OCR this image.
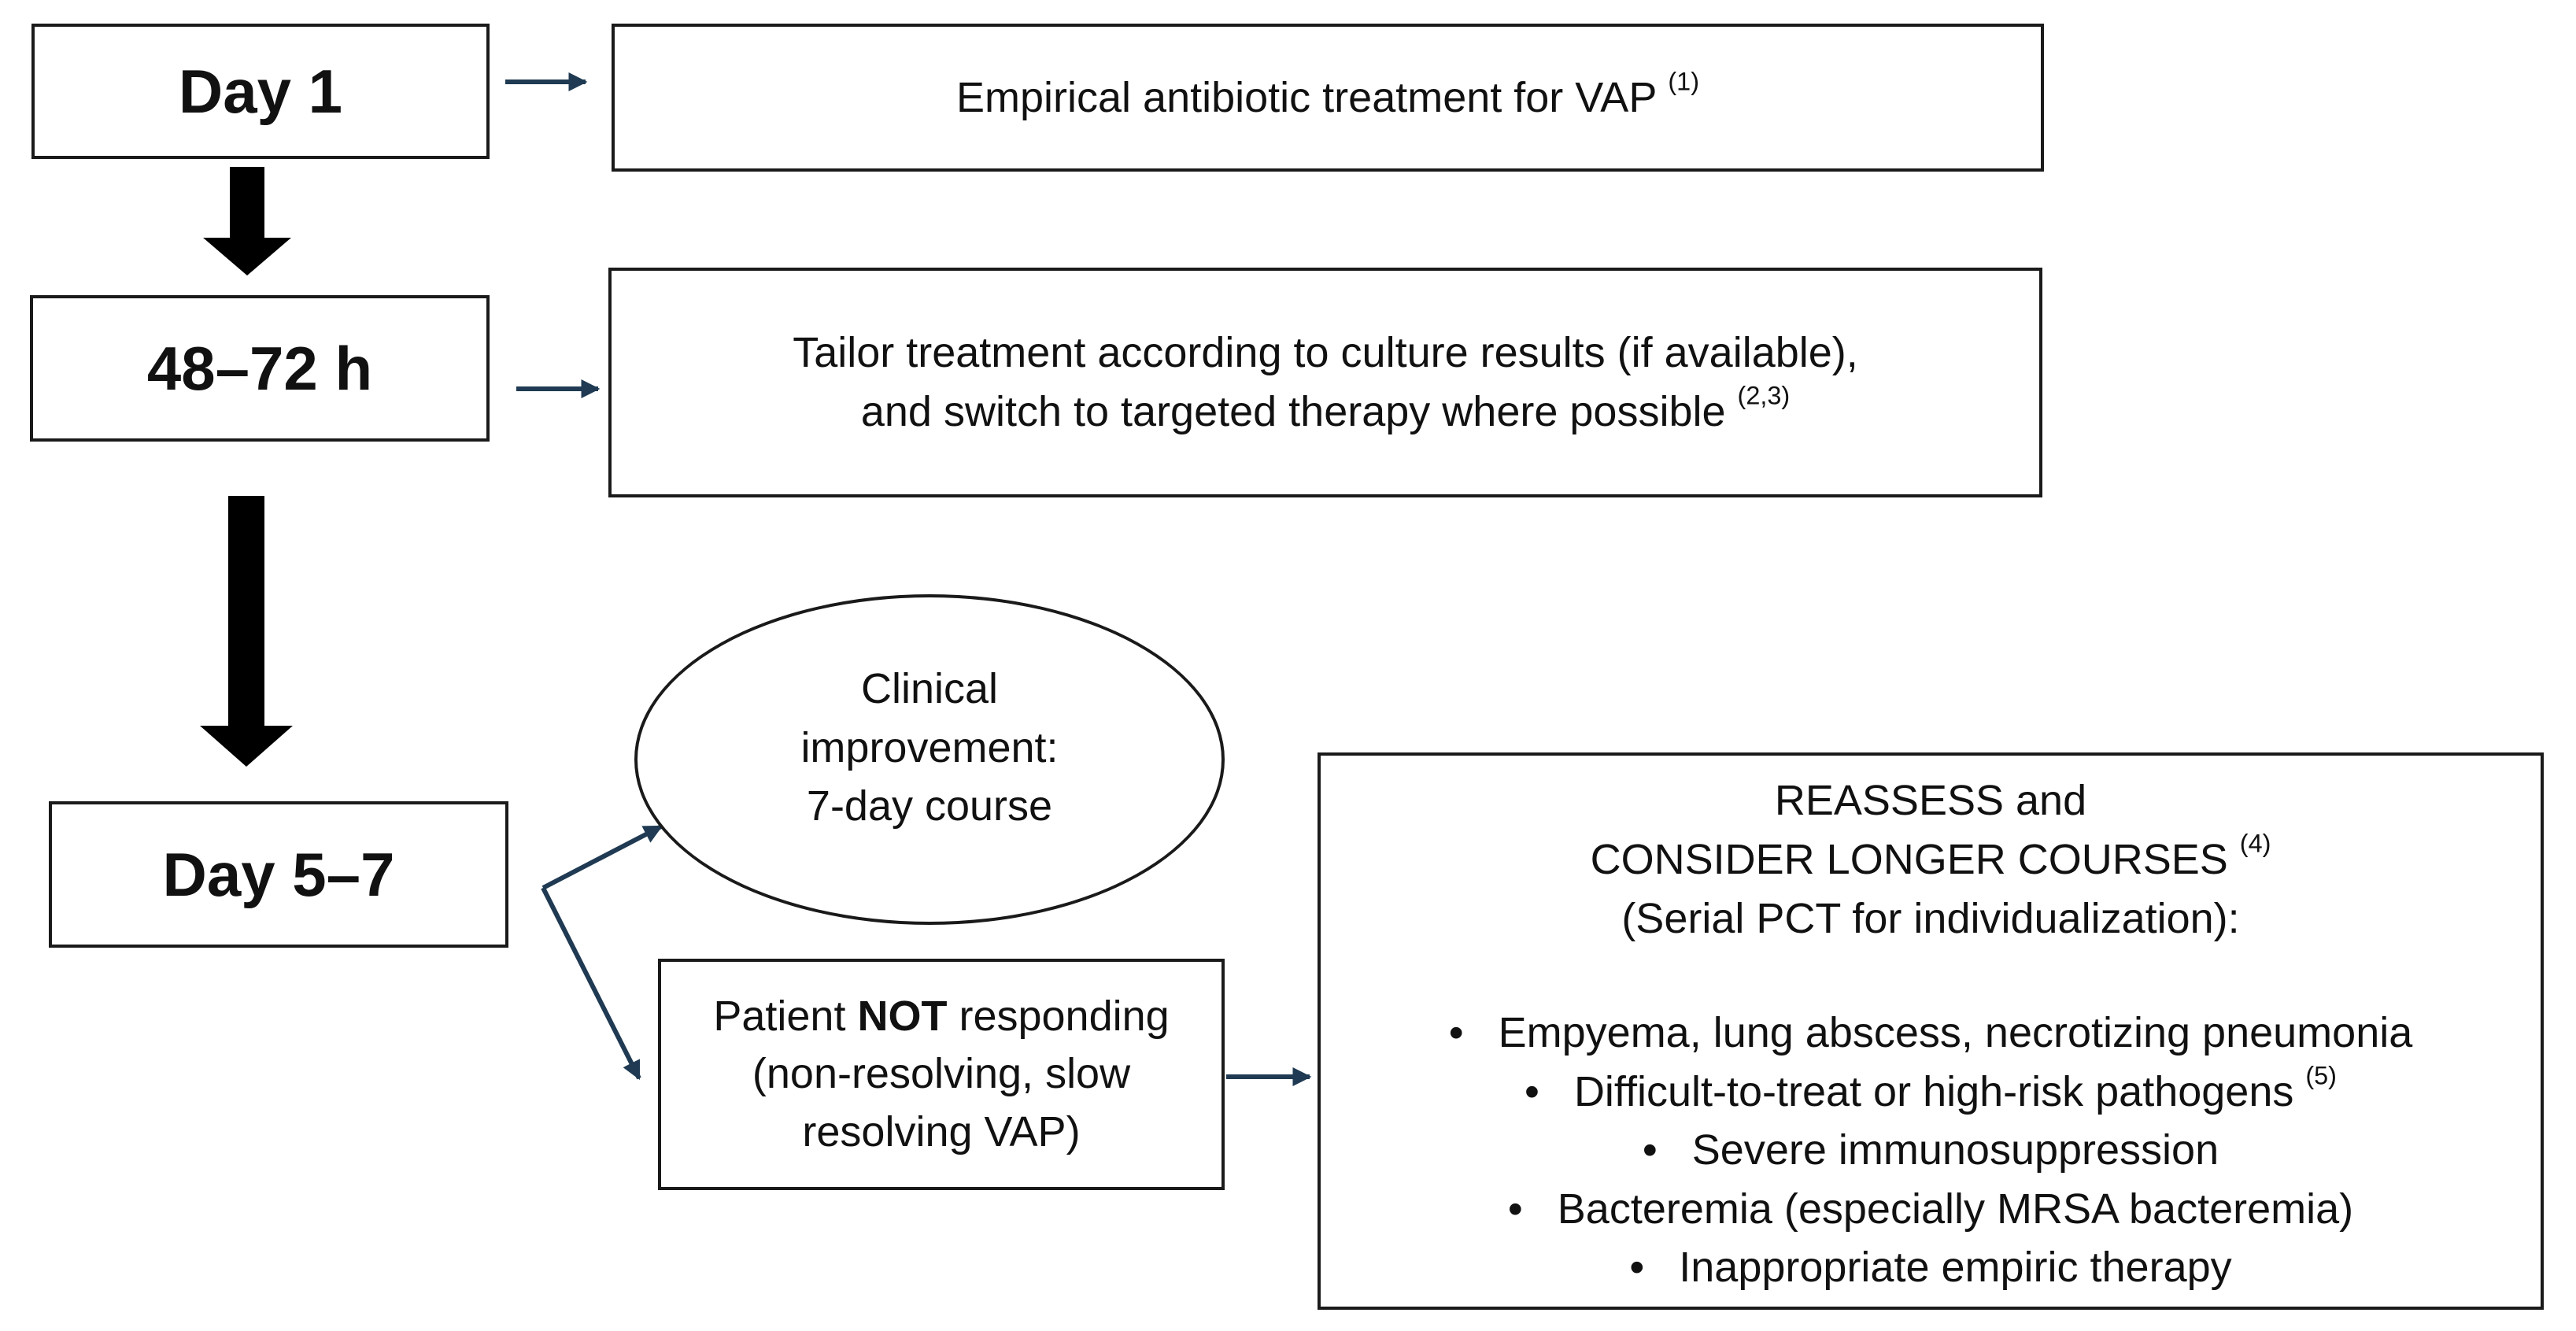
Day 1	Empirical antibiotic treatment for VAP $^{(1)}$
48–72 h	Tailor treatment according to culture results (if available),
and switch to targeted therapy where possible $^{(2,3)}$
Day 5–7
Clinical
improvement:
7-day course
Patient NOT responding
(non-resolving, slow
resolving VAP)
REASSESS and
CONSIDER LONGER COURSES $^{(4)}$
(Serial PCT for individualization):
• Empyema, lung abscess, necrotizing pneumonia
• Difficult-to-treat or high-risk pathogens $^{(5)}$
• Severe immunosuppression
• Bacteremia (especially MRSA bacteremia)
• Inappropriate empiric therapy
